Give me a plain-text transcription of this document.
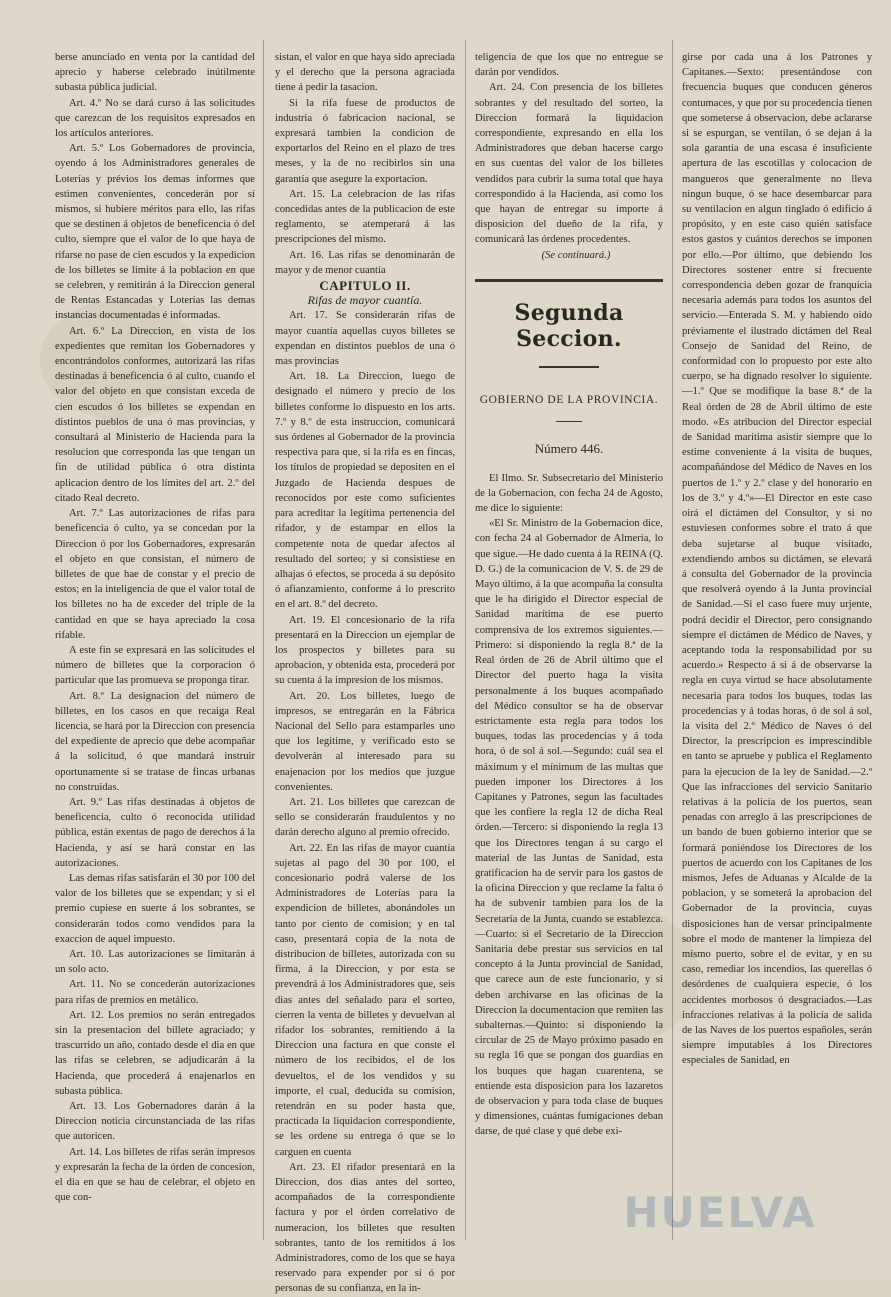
berse anunciado en venta por la cantidad del aprecio y haberse celebrado inútilmente subasta pública judicial.

Art. 4.º No se dará curso á las solicitudes que carezcan de los requisitos expresados en los artículos anteriores.

Art. 5.º Los Gobernadores de provincia, oyendo á los Administradores generales de Loterías y prévios los demas informes que estimen convenientes, concederán por sí mismos, si hubiere méritos para ello, las rifas que se destinen á objetos de beneficencia ó del culto, siempre que el valor de lo que haya de rifarse no pase de cien escudos y la expedicion de los billetes se limite á la poblacion en que se celebren, y remitirán á la Direccion general de Rentas Estancadas y Loterías las demas instancias documentadas é informadas.

Art. 6.º La Direccion, en vista de los expedientes que remitan los Gobernadores y encontrándolos conformes, autorizará las rifas destinadas á beneficencia ó al culto, cuando el valor del objeto en que consistan exceda de cien escudos ó los billetes se expendan en distintos pueblos de una ó mas provincias, y consultará al Ministerio de Hacienda para la resolucion que corresponda las que tengan un fin de utilidad pública ó otra distinta aplicacion dentro de los límites del art. 2.º del citado Real decreto.

Art. 7.º Las autorizaciones de rifas para beneficencia ó culto, ya se concedan por la Direccion ó por los Gobernadores, expresarán el objeto en que consistan, el número de billetes de que hae de constar y el precio de estos; en la inteligencia de que el valor total de los billetes no ha de exceder del triple de la cantidad en que se haya apreciado la cosa rifable.

A este fin se expresará en las solicitudes el número de billetes que la corporacion ó particular que las promueva se proponga tirar.

Art. 8.º La designacion del número de billetes, en los casos en que recaiga Real licencia, se hará por la Direccion con presencia del expediente de aprecio que debe acompañar á la solicitud, ó que mandará instruir oportunamente si se tratase de fincas urbanas no construidas.

Art. 9.º Las rifas destinadas á objetos de beneficencia, culto ó reconocida utilidad pública, están exentas de pago de derechos á la Hacienda, y así se hará constar en las autorizaciones.

Las demas rifas satisfarán el 30 por 100 del valor de los billetes que se expendan; y si el premio cupiese en suerte á los sobrantes, se considerarán todos como vendidos para la exaccion de aquel impuesto.

Art. 10. Las autorizaciones se limitarán á un solo acto.

Art. 11. No se concederán autorizaciones para rifas de premios en metálico.

Art. 12. Los premios no serán entregados sin la presentacion del billete agraciado; y trascurrido un año, contado desde el dia en que las rifas se celebren, se adjudicarán á la Hacienda, que procederá á enajenarlos en subasta pública.

Art. 13. Los Gobernadores darán á la Direccion noticia circunstanciada de las rifas que autoricen.

Art. 14. Los billetes de rifas serán impresos y expresarán la fecha de la órden de concesion, el dia en que se hau de celebrar, el objeto en que con-

sistan, el valor en que haya sido apreciada y el derecho que la persona agraciada tiene á pedir la tasacion.

Si la rifa fuese de productos de industria ó fabricacion nacional, se expresará tambien la condicion de exportarlos del Reino en el plazo de tres meses, y la de no recibirlos sin una garantía que asegure la exportacion.

Art. 15. La celebracion de las rifas concedidas antes de la publicacion de este reglamento, se atemperará á las prescripciones del mismo.

Art. 16. Las rifas se denominarán de mayor y de menor cuantía

CAPITULO II.

Rifas de mayor cuantía.

Art. 17. Se considerarán rifas de mayor cuantía aquellas cuyos billetes se expendan en distintos pueblos de una ó mas provincias

Art. 18. La Direccion, luego de designado el número y precio de los billetes conforme lo dispuesto en los arts. 7.º y 8.º de esta instruccion, comunicará sus órdenes al Gobernador de la provincia respectiva para que, si la rifa es en fincas, los títulos de propiedad se depositen en el Juzgado de Hacienda despues de reconocidos por este como suficientes para acreditar la legítima pertenencia del rifador, y de estampar en ellos la competente nota de quedar afectos al resultado del sorteo; y si consistiese en alhajas ó efectos, se proceda á su depósito ó afianzamiento, conforme á lo prescrito en el art. 8.º del decreto.

Art. 19. El concesionario de la rifa presentará en la Direccion un ejemplar de los prospectos y billetes para su aprobacion, y obtenida esta, procederá por su cuenta á la impresion de los mismos.

Art. 20. Los billetes, luego de impresos, se entregarán en la Fábrica Nacional del Sello para estamparles uno que los legitime, y verificado esto se devolverán al interesado para su enajenacion por los medios que juzgue convenientes.

Art. 21. Los billetes que carezcan de sello se considerarán fraudulentos y no darán derecho alguno al premio ofrecido.

Art. 22. En las rifas de mayor cuantía sujetas al pago del 30 por 100, el concesionario podrá valerse de los Administradores de Loterías para la expendicion de billetes, abonándoles un tanto por ciento de comision; y en tal caso, presentará copia de la nota de distribucion de billetes, autorizada con su firma, á la Direccion, y por esta se prevendrá á los Administradores que, seis dias antes del señalado para el sorteo, cierren la venta de billetes y devuelvan al rifador los sobrantes, remitiendo á la Direccion una factura en que conste el número de los recibidos, el de los devueltos, el de los vendidos y su importe, el cual, deducida su comision, retendrán en su poder hasta que, practicada la liquidacion correspondiente, se les ordene su entrega ó que se lo carguen en cuenta

Art. 23. El rifador presentará en la Direccion, dos dias antes del sorteo, acompañados de la correspondiente factura y por el órden correlativo de numeracion, los billetes que resulten sobrantes, tanto de los remitidos á los Administradores, como de los que se haya reservado para expender por sí ó por personas de su confianza, en la in-

teligencia de que los que no entregue se darán por vendidos.

Art. 24. Con presencia de los billetes sobrantes y del resultado del sorteo, la Direccion formará la liquidacion correspondiente, expresando en ella los Administradores que deban hacerse cargo en sus cuentas del valor de los billetes vendidos para cubrir la suma total que haya correspondido á la Hacienda, así como los que hayan de entregar su importe á disposicion del dueño de la rifa, y comunicará las órdenes procedentes.

(Se continuará.)

Segunda Seccion.
GOBIERNO DE LA PROVINCIA.
Número 446.

El Ilmo. Sr. Subsecretario del Ministerio de la Gobernacion, con fecha 24 de Agosto, me dice lo siguiente:

«El Sr. Ministro de la Gobernacion dice, con fecha 24 al Gobernador de Almería, lo que sigue.—He dado cuenta á la REINA (Q. D. G.) de la comunicacion de V. S. de 29 de Mayo último, á la que acompaña la consulta que le ha dirigido el Director especial de Sanidad marítima de ese puerto comprensiva de los extremos siguientes.—Primero: si disponiendo la regla 8.ª de la Real órden de 26 de Abril último que el Director del puerto haga la visita personalmente á los buques acompañado del Médico consultor se ha de observar estrictamente esta regla para todos los buques, todas las procedencias y á toda hora, ó de sol á sol.—Segundo: cuál sea el máximum y el mínimum de las multas que pueden imponer los Directores á los Capitanes y Patrones, segun las facultades que les confiere la regla 12 de dicha Real órden.—Tercero: si disponiendo la regla 13 que los Directores tengan á su cargo el material de las Juntas de Sanidad, esta gratificacion ha de servir para los gastos de la oficina Direccion y que reclame la falta ó ha de subvenir tambien para los de la Secretaría de la Junta, cuando se establezca.—Cuarto: si el Secretario de la Direccion Sanitaria debe prestar sus servicios en tal concepto á la Junta provincial de Sanidad, que carece aun de este funcionario, y si deben archivarse en las oficinas de la Direccion la documentacion que remiten las subalternas.—Quinto: si disponiendo la circular de 25 de Mayo próximo pasado en su regla 16 que se pongan dos guardias en los buques que hagan cuarentena, se entiende esta disposicion para los lazaretos de observacion y para toda clase de buques y dimensiones, cuántas fumigaciones deban darse, de qué clase y qué debe exi-

girse por cada una á los Patrones y Capitanes.—Sexto: presentándose con frecuencia buques que conducen géneros contumaces, y que por su procedencia tienen que someterse á observacion, debe aclararse si se espurgan, se ventilan, ó se dejan á la sola garantía de una escasa é insuficiente apertura de las escotillas y colocacion de mangueros que generalmente no lleva ningun buque, ó se hace desembarcar para su ventilacion en algun tinglado ó edificio á propósito, y en este caso quién satisface estos gastos y cuántos derechos se imponen por ello.—Por último, que debiendo los Directores sostener entre sí frecuente correspondencia deben gozar de franquicia necesaria además para todos los asuntos del servicio.—Enterada S. M. y habiendo oido préviamente el ilustrado dictámen del Real Consejo de Sanidad del Reino, de conformidad con lo propuesto por este alto cuerpo, se ha dignado resolver lo siguiente.—1.º Que se modifique la base 8.ª de la Real órden de 28 de Abril último de este modo. «Es atribucion del Director especial de Sanidad marítima asistir siempre que lo estime conveniente á la visita de buques, acompañándose del Médico de Naves en los puertos de 1.º y 2.º clase y del honorario en los de 3.º y 4.º»—El Director en este caso oirá el dictámen del Consultor, y si no estuviesen conformes sobre el trato á que deba sujetarse al buque visitado, extendiendo ambos su dictámen, se elevará á consulta del Gobernador de la provincia que resolverá oyendo á la Junta provincial de Sanidad.—Si el caso fuere muy urjente, podrá decidir el Director, pero consignando siempre el dictámen de Médico de Naves, y aceptando toda la responsabilidad por su acuerdo.» Respecto á si á de observarse la regla en cuya virtud se hace absolutamente necesaria para todos los buques, todas las procedencias y á todas horas, ó de sol á sol, la visita del 2.º Médico de Naves ó del Director, la prescripcion es imprescindible en tanto se apruebe y publica el Reglamento para la ejecucion de la ley de Sanidad.—2.º Que las infracciones del servicio Sanitario relativas á la policía de los puertos, sean penadas con arreglo á las prescripciones de un bando de buen gobierno interior que se formará poniéndose los Directores de los puertos de acuerdo con los Capitanes de los mismos, Jefes de Aduanas y Alcalde de la poblacion, y se someterá la aprobacion del Gobernador de la provincia, cuyas disposiciones han de versar principalmente sobre el modo de mantener la limpieza del mismo puerto, sobre el de evitar, y en su caso, remediar los incendios, las querellas ó desórdenes de cualquiera especie, ó los accidentes morbosos ó desgraciados.—Las infracciones relativas á la policía de salida de las Naves de los puertos españoles, serán siempre imputables á los Directores especiales de Sanidad, en

HUELVA
